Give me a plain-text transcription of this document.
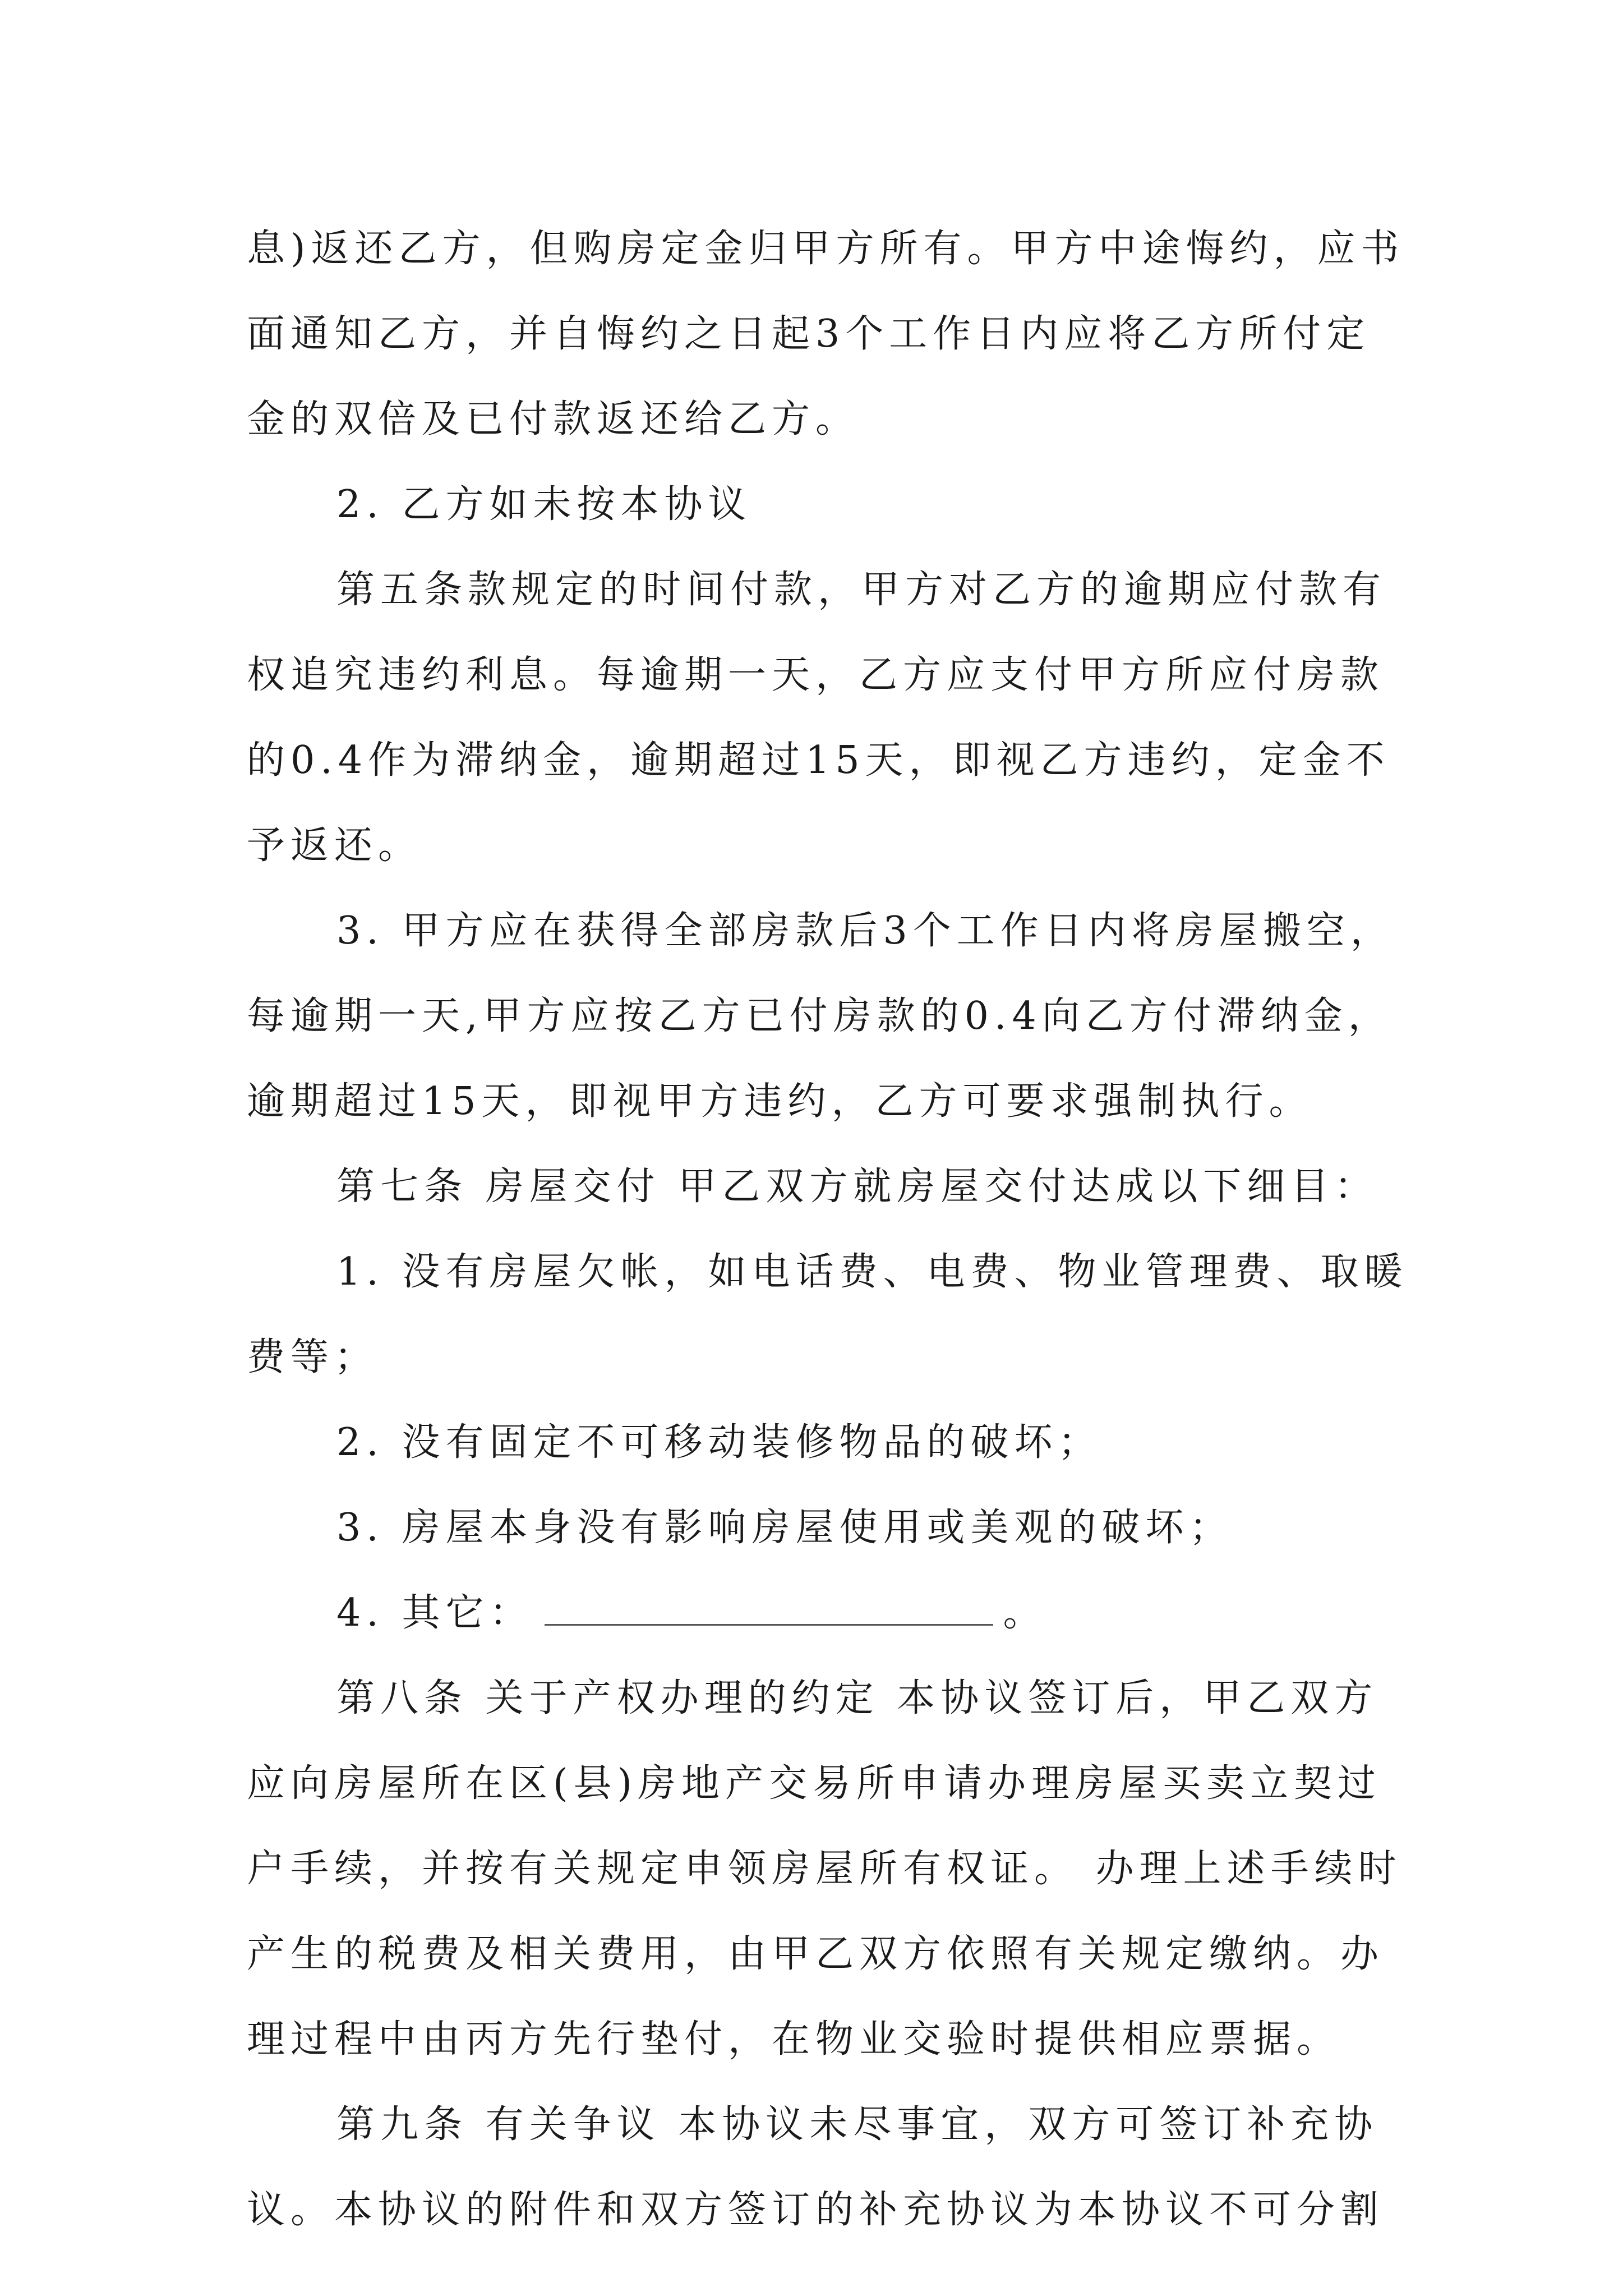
息)返还乙方，但购房定金归甲方所有。甲方中途悔约，应书面通知乙方，并自悔约之日起3个工作日内应将乙方所付定金的双倍及已付款返还给乙方。

2. 乙方如未按本协议

第五条款规定的时间付款，甲方对乙方的逾期应付款有权追究违约利息。每逾期一天，乙方应支付甲方所应付房款的0.4作为滞纳金，逾期超过15天，即视乙方违约，定金不予返还。

3. 甲方应在获得全部房款后3个工作日内将房屋搬空，每逾期一天,甲方应按乙方已付房款的0.4向乙方付滞纳金，逾期超过15天，即视甲方违约，乙方可要求强制执行。

第七条 房屋交付 甲乙双方就房屋交付达成以下细目：

1. 没有房屋欠帐，如电话费、电费、物业管理费、取暖费等；

2. 没有固定不可移动装修物品的破坏；

3. 房屋本身没有影响房屋使用或美观的破坏；

4. 其它：	。

第八条 关于产权办理的约定 本协议签订后，甲乙双方应向房屋所在区(县)房地产交易所申请办理房屋买卖立契过户手续，并按有关规定申领房屋所有权证。 办理上述手续时产生的税费及相关费用，由甲乙双方依照有关规定缴纳。办理过程中由丙方先行垫付，在物业交验时提供相应票据。

第九条 有关争议 本协议未尽事宜，双方可签订补充协议。本协议的附件和双方签订的补充协议为本协议不可分割
